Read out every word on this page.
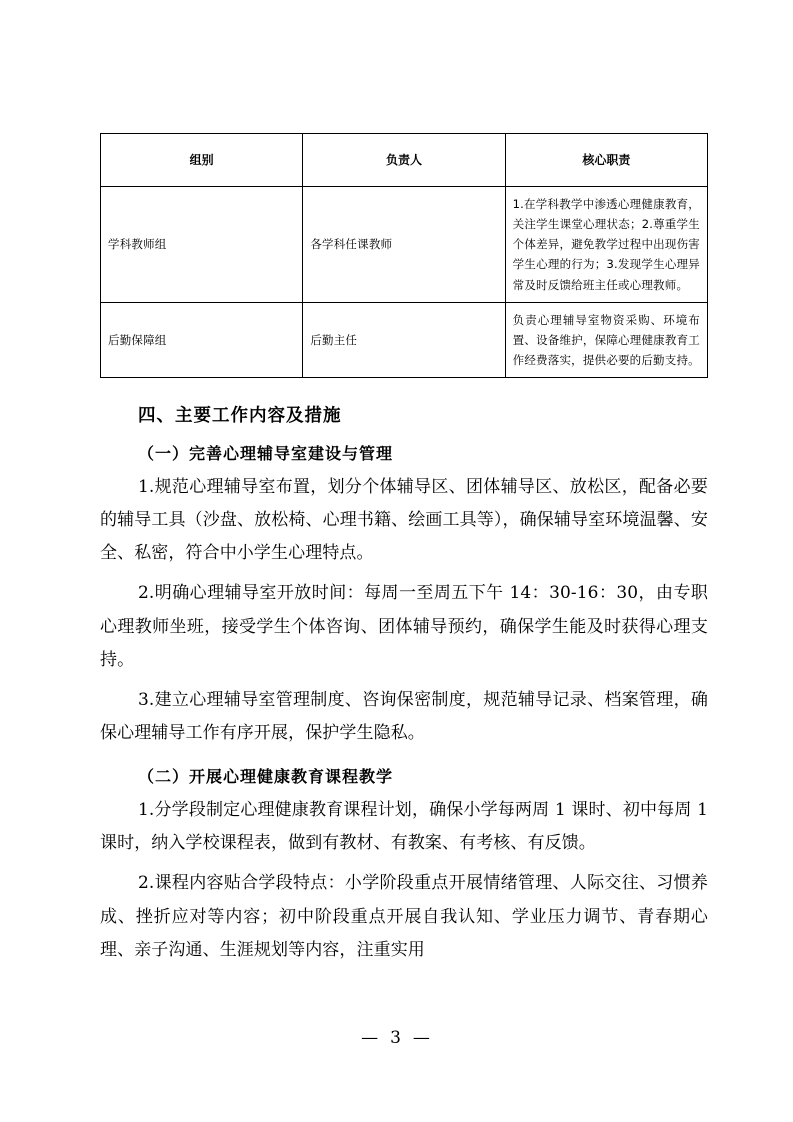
组别	负责人	核心职责
学科教师组	各学科任课教师	1.在学科教学中渗透心理健康教育，关注学生课堂心理状态；2.尊重学生个体差异，避免教学过程中出现伤害学生心理的行为；3.发现学生心理异常及时反馈给班主任或心理教师。
后勤保障组	后勤主任	负责心理辅导室物资采购、环境布置、设备维护，保障心理健康教育工作经费落实，提供必要的后勤支持。
四、主要工作内容及措施
（一）完善心理辅导室建设与管理

1.规范心理辅导室布置，划分个体辅导区、团体辅导区、放松区，配备必要的辅导工具（沙盘、放松椅、心理书籍、绘画工具等），确保辅导室环境温馨、安全、私密，符合中小学生心理特点。

2.明确心理辅导室开放时间：每周一至周五下午 14：30-16：30，由专职心理教师坐班，接受学生个体咨询、团体辅导预约，确保学生能及时获得心理支持。

3.建立心理辅导室管理制度、咨询保密制度，规范辅导记录、档案管理，确保心理辅导工作有序开展，保护学生隐私。

（二）开展心理健康教育课程教学

1.分学段制定心理健康教育课程计划，确保小学每两周 1 课时、初中每周 1 课时，纳入学校课程表，做到有教材、有教案、有考核、有反馈。

2.课程内容贴合学段特点：小学阶段重点开展情绪管理、人际交往、习惯养成、挫折应对等内容；初中阶段重点开展自我认知、学业压力调节、青春期心理、亲子沟通、生涯规划等内容，注重实用

— 3 —
